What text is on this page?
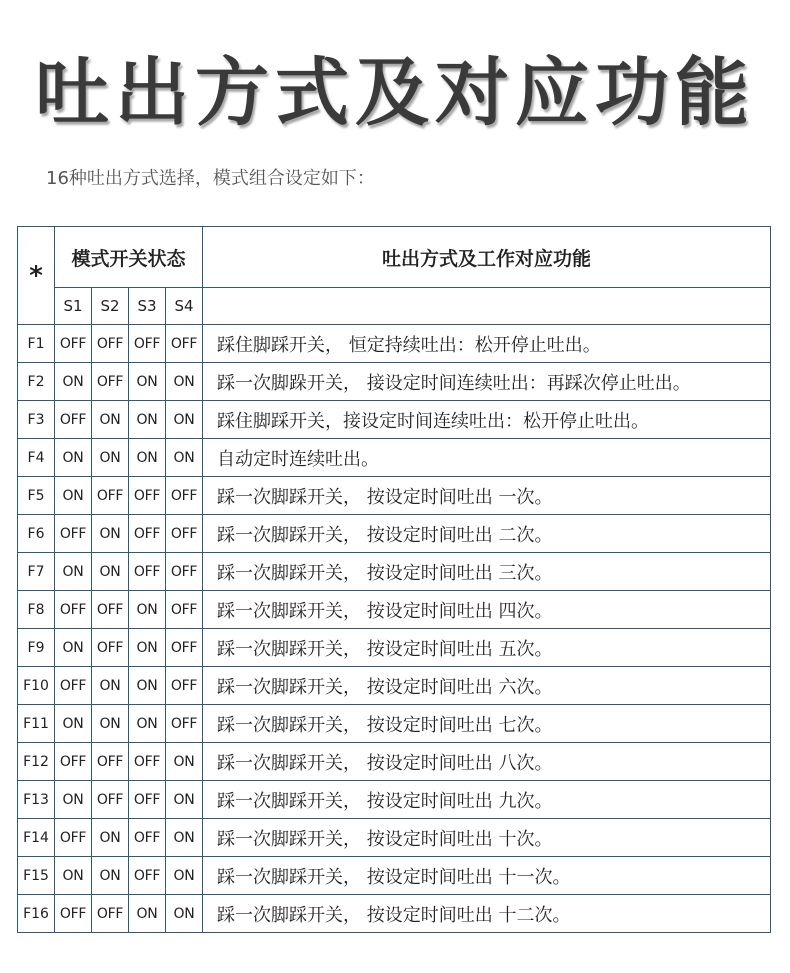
吐出方式及对应功能
16种吐出方式选择，模式组合设定如下：
*	模式开关状态				吐出方式及工作对应功能
	S1	S2	S3	S4	
F1	OFF	OFF	OFF	OFF	踩住脚踩开关， 恒定持续吐出：松开停止吐出。
F2	ON	OFF	ON	ON	踩一次脚跺开关， 接设定时间连续吐出：再踩次停止吐出。
F3	OFF	ON	ON	ON	踩住脚踩开关，接设定时间连续吐出：松开停止吐出。
F4	ON	ON	ON	ON	自动定时连续吐出。
F5	ON	OFF	OFF	OFF	踩一次脚踩开关， 按设定时间吐出 一次。
F6	OFF	ON	OFF	OFF	踩一次脚踩开关， 按设定时间吐出 二次。
F7	ON	ON	OFF	OFF	踩一次脚踩开关， 按设定时间吐出 三次。
F8	OFF	OFF	ON	OFF	踩一次脚踩开关， 按设定时间吐出 四次。
F9	ON	OFF	ON	OFF	踩一次脚踩开关， 按设定时间吐出 五次。
F10	OFF	ON	ON	OFF	踩一次脚踩开关， 按设定时间吐出 六次。
F11	ON	ON	ON	OFF	踩一次脚踩开关， 按设定时间吐出 七次。
F12	OFF	OFF	OFF	ON	踩一次脚踩开关， 按设定时间吐出 八次。
F13	ON	OFF	OFF	ON	踩一次脚踩开关， 按设定时间吐出 九次。
F14	OFF	ON	OFF	ON	踩一次脚踩开关， 按设定时间吐出 十次。
F15	ON	ON	OFF	ON	踩一次脚踩开关， 按设定时间吐出 十一次。
F16	OFF	OFF	ON	ON	踩一次脚踩开关， 按设定时间吐出 十二次。
